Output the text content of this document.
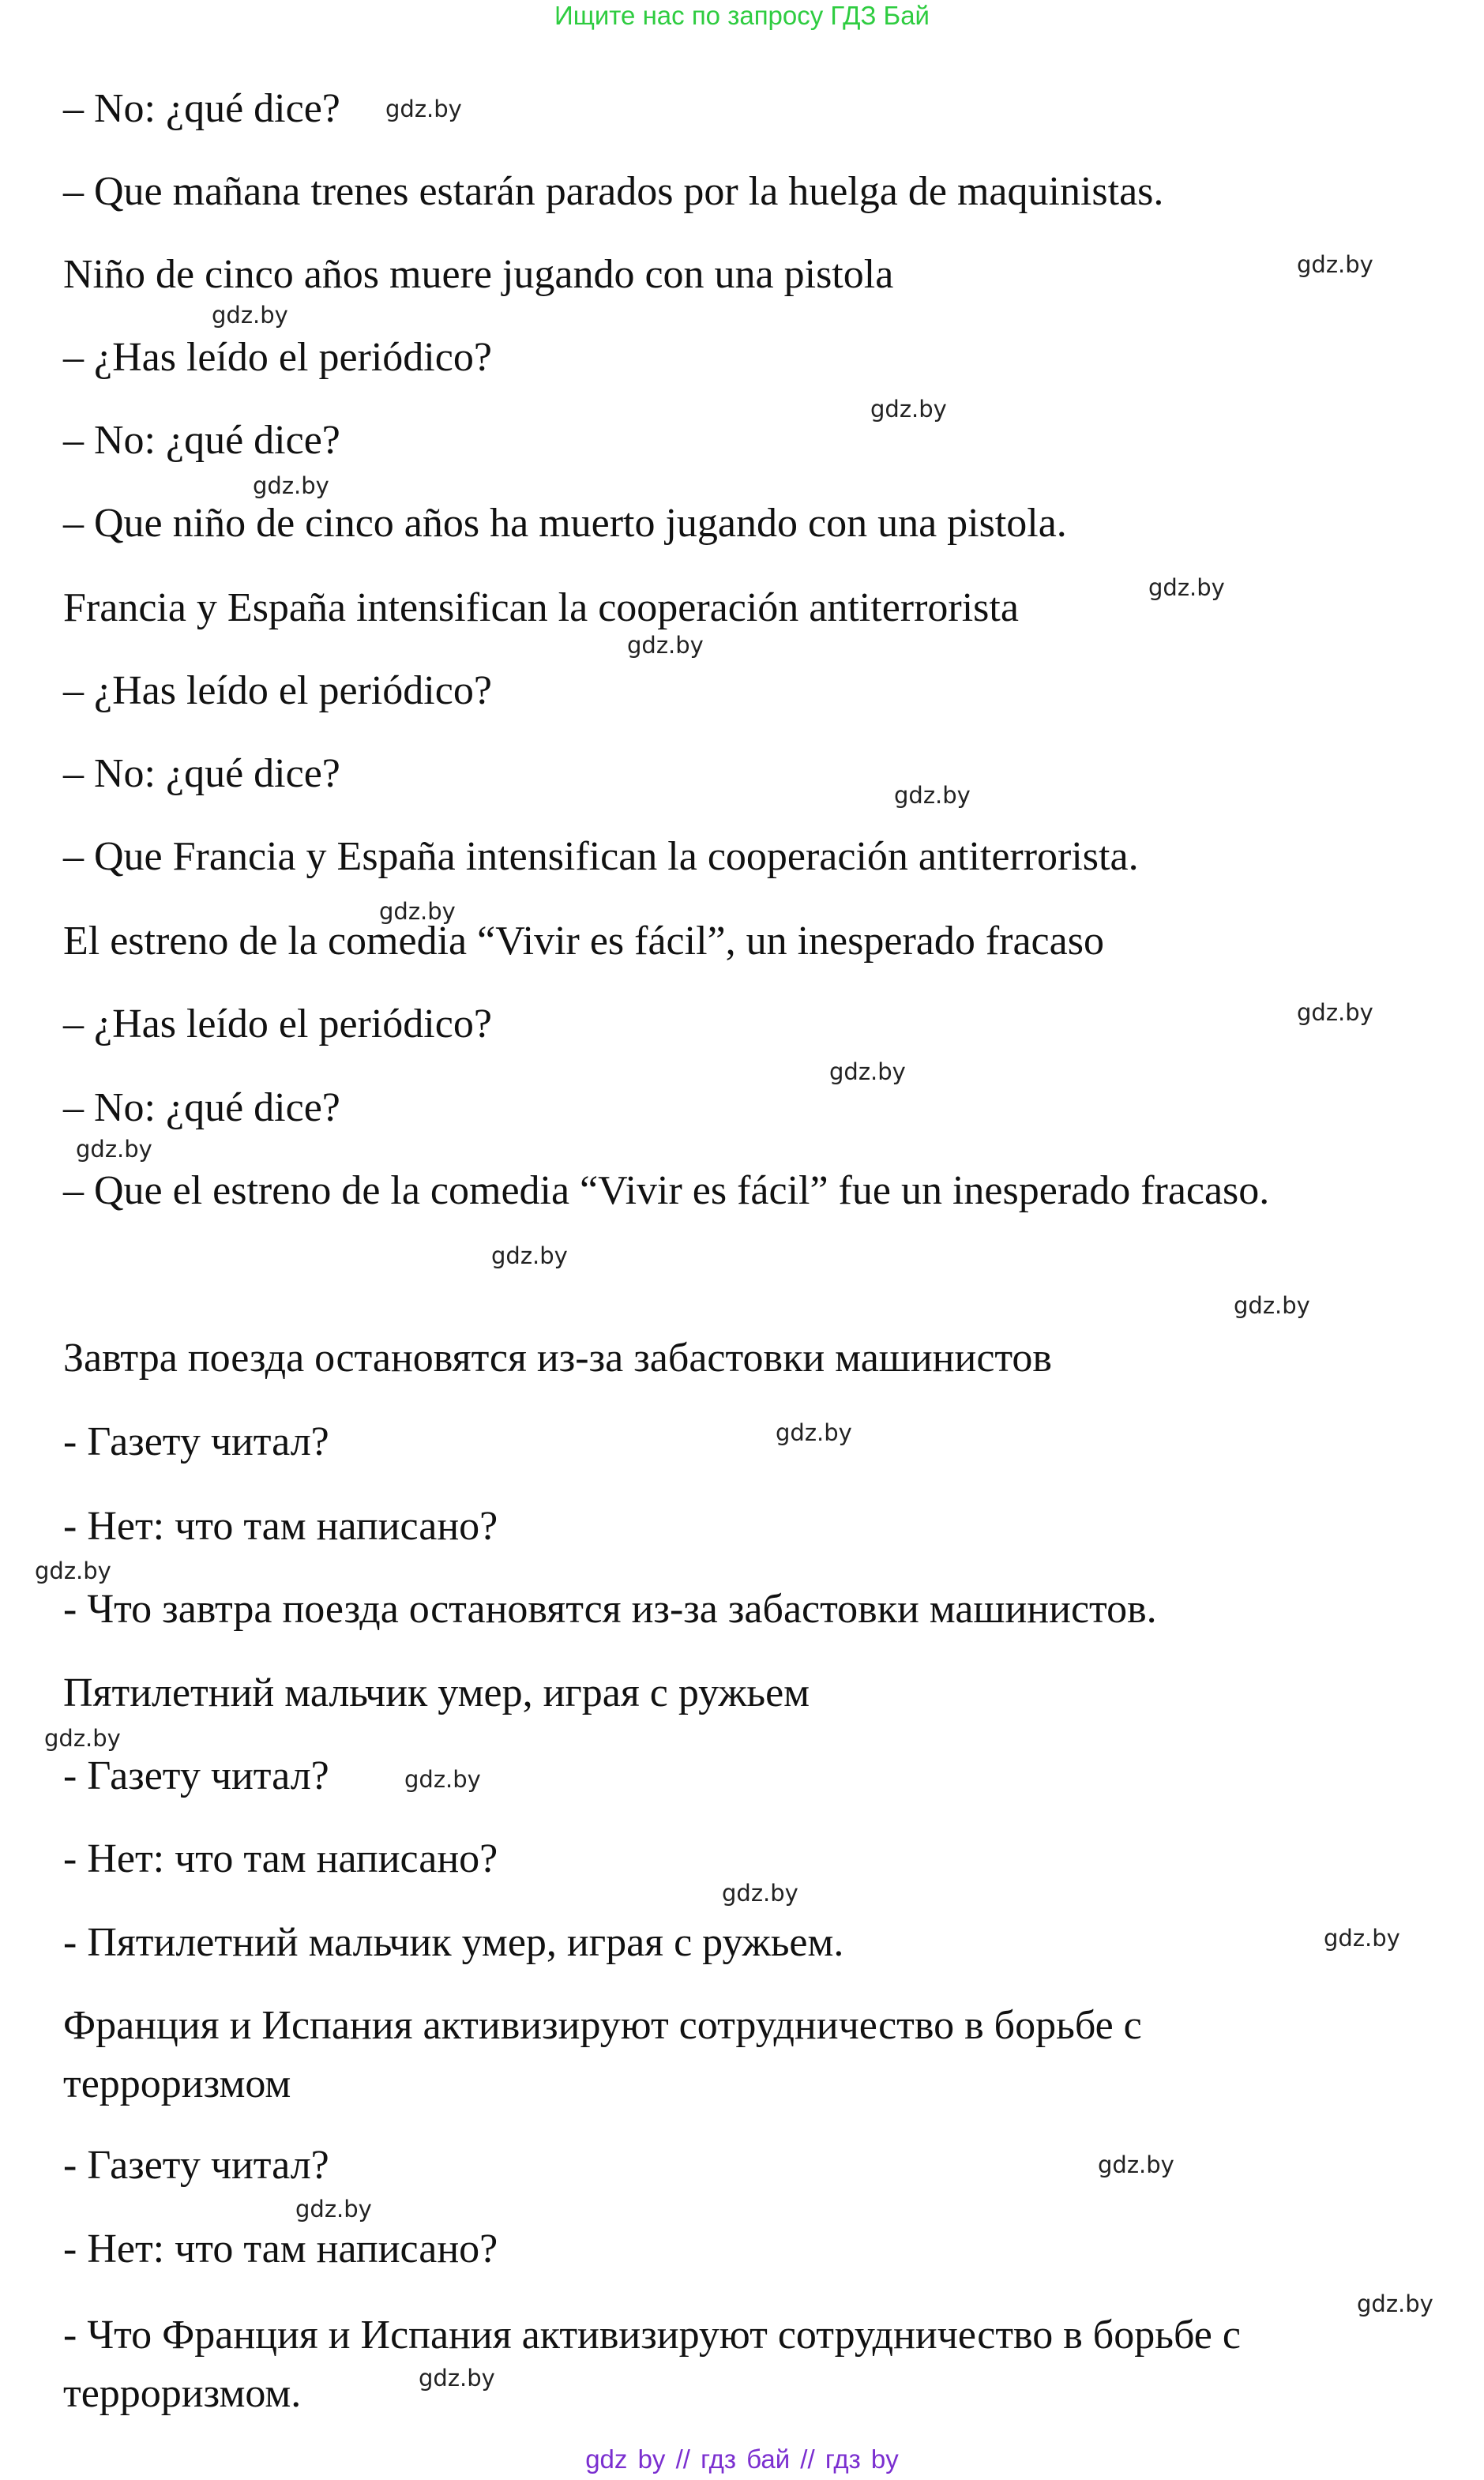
Ищите нас по запросу ГДЗ Бай

– No: ¿qué dice?

– Que mañana trenes estarán parados por la huelga de maquinistas.

Niño de cinco años muere jugando con una pistola

– ¿Has leído el periódico?

– No: ¿qué dice?

– Que niño de cinco años ha muerto jugando con una pistola.

Francia y España intensifican la cooperación antiterrorista

– ¿Has leído el periódico?

– No: ¿qué dice?

– Que Francia y España intensifican la cooperación antiterrorista.

El estreno de la comedia “Vivir es fácil”, un inesperado fracaso

– ¿Has leído el periódico?

– No: ¿qué dice?

– Que el estreno de la comedia “Vivir es fácil” fue un inesperado fracaso.

Завтра поезда остановятся из-за забастовки машинистов

- Газету читал?

- Нет: что там написано?

- Что завтра поезда остановятся из-за забастовки машинистов.

Пятилетний мальчик умер, играя с ружьем

- Газету читал?

- Нет: что там написано?

- Пятилетний мальчик умер, играя с ружьем.

Франция и Испания активизируют сотрудничество в борьбе с терроризмом

- Газету читал?

- Нет: что там написано?

- Что Франция и Испания активизируют сотрудничество в борьбе с терроризмом.

gdz.by
gdz.by
gdz.by
gdz.by
gdz.by
gdz.by
gdz.by
gdz.by
gdz.by
gdz.by
gdz.by
gdz.by
gdz.by
gdz.by
gdz.by
gdz.by
gdz.by
gdz.by
gdz.by
gdz.by
gdz.by
gdz.by
gdz.by
gdz.by
gdz by // гдз бай // гдз by
